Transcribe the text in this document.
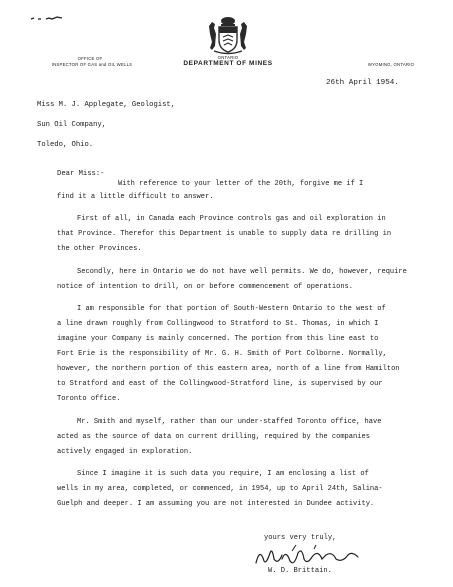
OFFICE OF
INSPECTOR OF GAS and OIL WELLS
ONTARIO
DEPARTMENT OF MINES	WYOMING, ONTARIO
26th April 1954.
Miss M. J. Applegate, Geologist,
Sun Oil Company,
Toledo, Ohio.
Dear Miss:-
With reference to your letter of the 20th, forgive me if I
find it a little difficult to answer.
First of all, in Canada each Province controls gas and oil exploration in
that Province. Therefor this Department is unable to supply data re drilling in
the other Provinces.
Secondly, here in Ontario we do not have well permits. We do, however, require
notice of intention to drill, on or before commencement of operations.
I am responsible for that portion of South-Western Ontario to the west of
a line drawn roughly from Collingwood to Stratford to St. Thomas, in which I
imagine your Company is mainly concerned. The portion from this line east to
Fort Erie is the responsibility of Mr. G. H. Smith of Port Colborne. Normally,
however, the northern portion of this eastern area, north of a line from Hamilton
to Stratford and east of the Collingwood-Stratford line, is supervised by our
Toronto office.
Mr. Smith and myself, rather than our under-staffed Toronto office, have
acted as the source of data on current drilling, required by the companies
actively engaged in exploration.
Since I imagine it is such data you require, I am enclosing a list of
wells in my area, completed, or commenced, in 1954, up to April 24th, Salina-
Guelph and deeper. I am assuming you are not interested in Dundee activity.
yours very truly,
W. D. Brittain.
